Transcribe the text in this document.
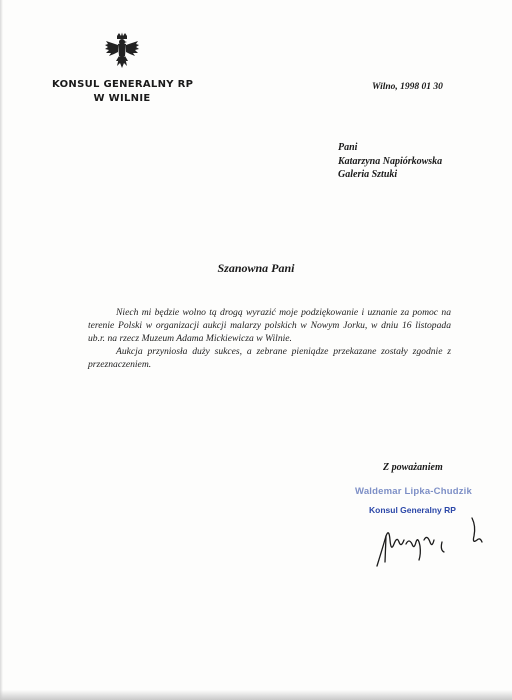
KONSUL GENERALNY RP
W WILNIE
Wilno, 1998 01 30
Pani
Katarzyna Napiórkowska
Galeria Sztuki
Szanowna Pani

Niech mi będzie wolno tą drogą wyrazić moje podziękowanie i uznanie za pomoc na terenie Polski w organizacji aukcji malarzy polskich w Nowym Jorku, w dniu 16 listopada ub.r. na rzecz Muzeum Adama Mickiewicza w Wilnie.

Aukcja przyniosła duży sukces, a zebrane pieniądze przekazane zostały zgodnie z przeznaczeniem.

Z poważaniem
Waldemar Lipka-Chudzik
Konsul Generalny RP
